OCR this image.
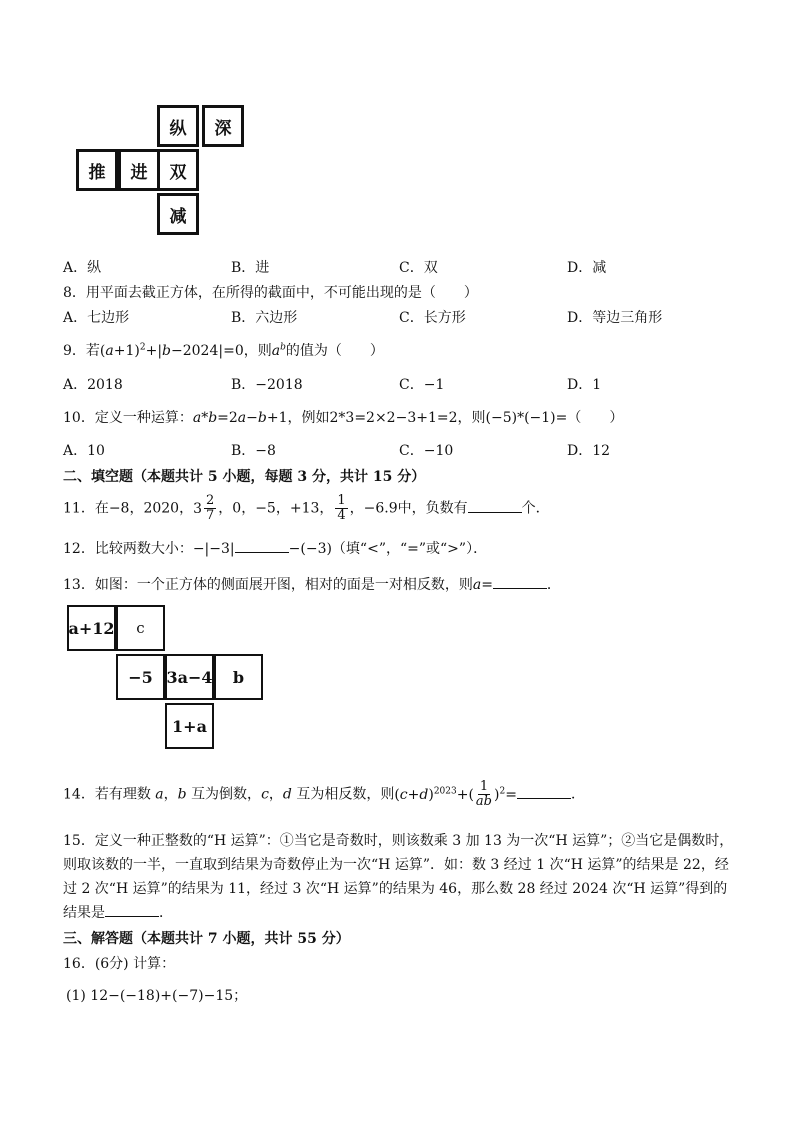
纵	深
推	进	双
减
A．纵	B．进	C．双	D．减
8．用平面去截正方体，在所得的截面中，不可能出现的是（　　）
A．七边形	B．六边形	C．长方形	D．等边三角形
9．若$(a+1)^2+|b-2024|=0$，则$a^b$的值为（　　）
A．2018	B．−2018	C．−1	D．1
10．定义一种运算：a*b=2a−b+1，例如2*3=2×2−3+1=2，则(−5)*(−1)=（　　）
A．10	B．−8	C．−10	D．12
二、填空题（本题共计 5 小题，每题 3 分，共计 15 分）
11．在−8，2020，$3 \frac{2}{7}$ ，0，−5，+13， $\frac{1}{4}$ ，−6.9中，负数有	个．
12．比较两数大小：−|−3|	−(−3)（填“<”，“=”或“>”）．
13．如图：一个正方体的侧面展开图，相对的面是一对相反数，则a=	．
a+12	c
−5 3a−4	b
1+a
14．若有理数 a，b 互为倒数，c，d 互为相反数，则$(c+d)^{2023}+( \frac{1}{ab} )^2=$	．
15．定义一种正整数的“H 运算”：①当它是奇数时，则该数乘 3 加 13 为一次“H 运算”；②当它是偶数时，
则取该数的一半，一直取到结果为奇数停止为一次“H 运算”．如：数 3 经过 1 次“H 运算”的结果是 22，经
过 2 次“H 运算”的结果为 11，经过 3 次“H 运算”的结果为 46，那么数 28 经过 2024 次“H 运算”得到的
结果是	．
三、解答题（本题共计 7 小题，共计 55 分）
16．(6分) 计算：
(1) 12−(−18)+(−7)−15；
